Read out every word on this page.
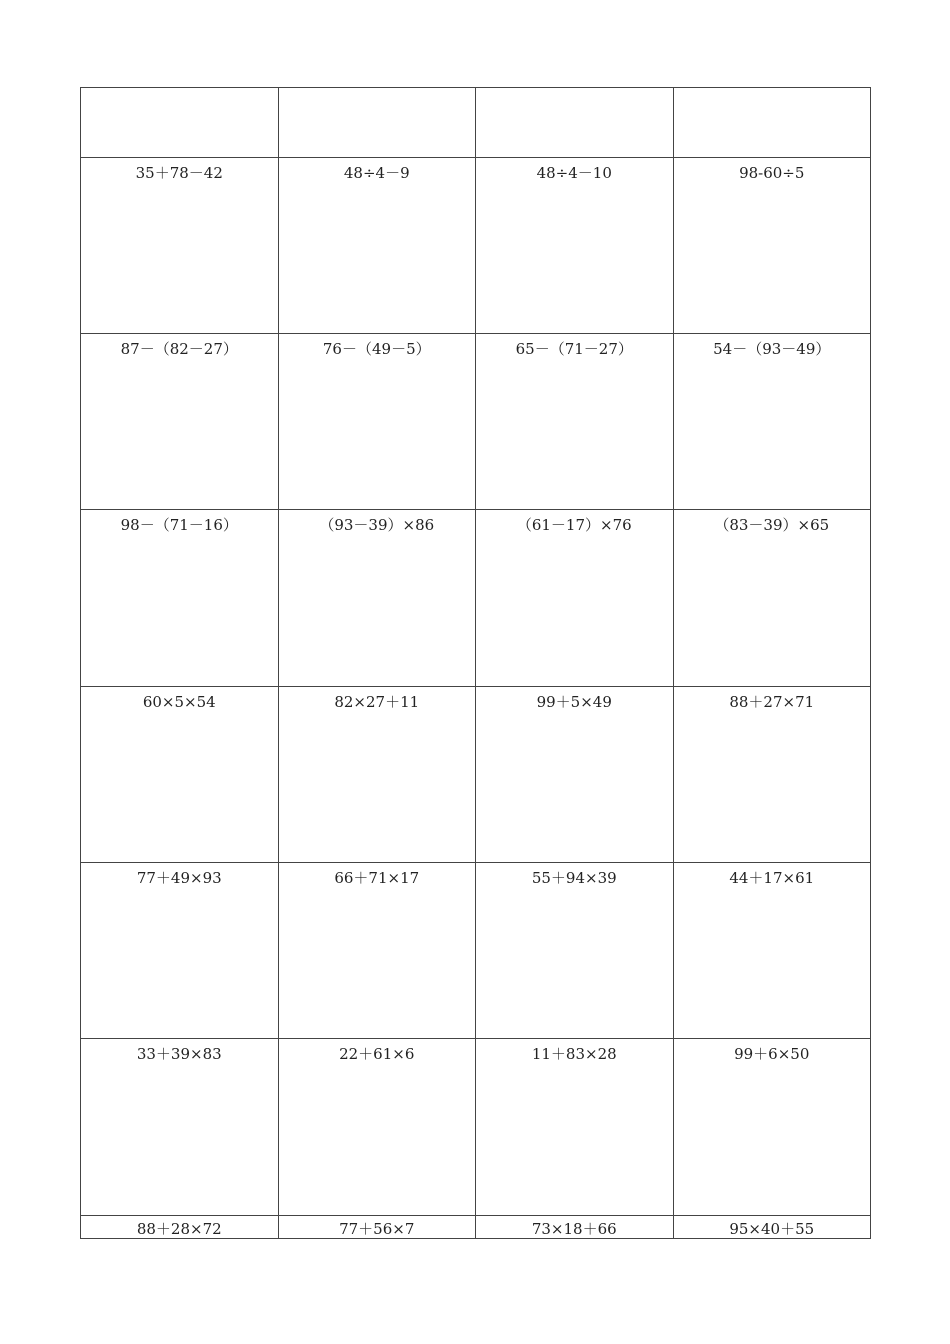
35＋78－42	48÷4－9	48÷4－10	98-60÷5
87－（82－27）	76－（49－5）	65－（71－27）	54－（93－49）
98－（71－16）	（93－39）×86	（61－17）×76	（83－39）×65
60×5×54	82×27＋11	99＋5×49	88＋27×71
77＋49×93	66＋71×17	55＋94×39	44＋17×61
33＋39×83	22＋61×6	11＋83×28	99＋6×50
88＋28×72	77＋56×7	73×18＋66	95×40＋55
